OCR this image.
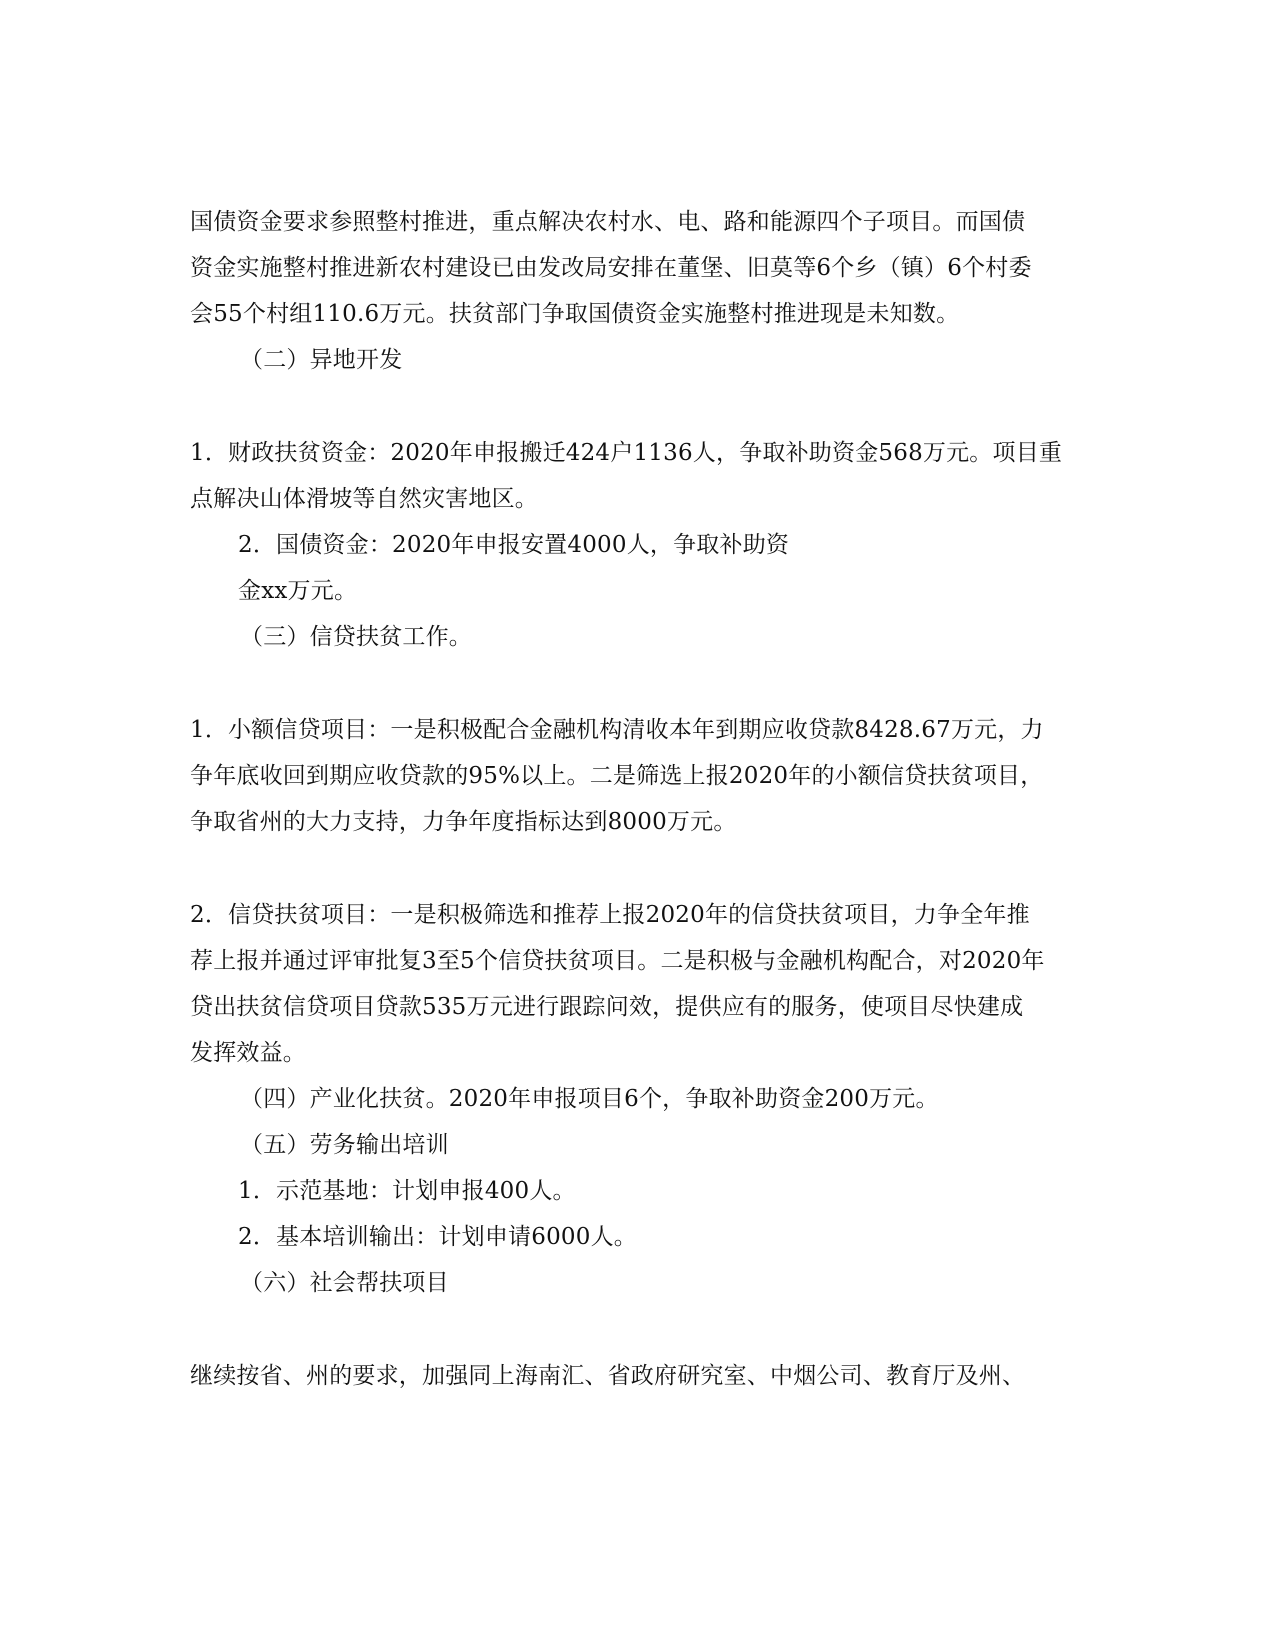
国债资金要求参照整村推进，重点解决农村水、电、路和能源四个子项目。而国债
资金实施整村推进新农村建设已由发改局安排在董堡、旧莫等6个乡（镇）6个村委
会55个村组110.6万元。扶贫部门争取国债资金实施整村推进现是未知数。
（二）异地开发
1．财政扶贫资金：2020年申报搬迁424户1136人，争取补助资金568万元。项目重
点解决山体滑坡等自然灾害地区。
2．国债资金：2020年申报安置4000人，争取补助资
金xx万元。
（三）信贷扶贫工作。
1．小额信贷项目：一是积极配合金融机构清收本年到期应收贷款8428.67万元，力
争年底收回到期应收贷款的95%以上。二是筛选上报2020年的小额信贷扶贫项目，
争取省州的大力支持，力争年度指标达到8000万元。
2．信贷扶贫项目：一是积极筛选和推荐上报2020年的信贷扶贫项目，力争全年推
荐上报并通过评审批复3至5个信贷扶贫项目。二是积极与金融机构配合，对2020年
贷出扶贫信贷项目贷款535万元进行跟踪问效，提供应有的服务，使项目尽快建成
发挥效益。
（四）产业化扶贫。2020年申报项目6个，争取补助资金200万元。
（五）劳务输出培训
1．示范基地：计划申报400人。
2．基本培训输出：计划申请6000人。
（六）社会帮扶项目
继续按省、州的要求，加强同上海南汇、省政府研究室、中烟公司、教育厅及州、
